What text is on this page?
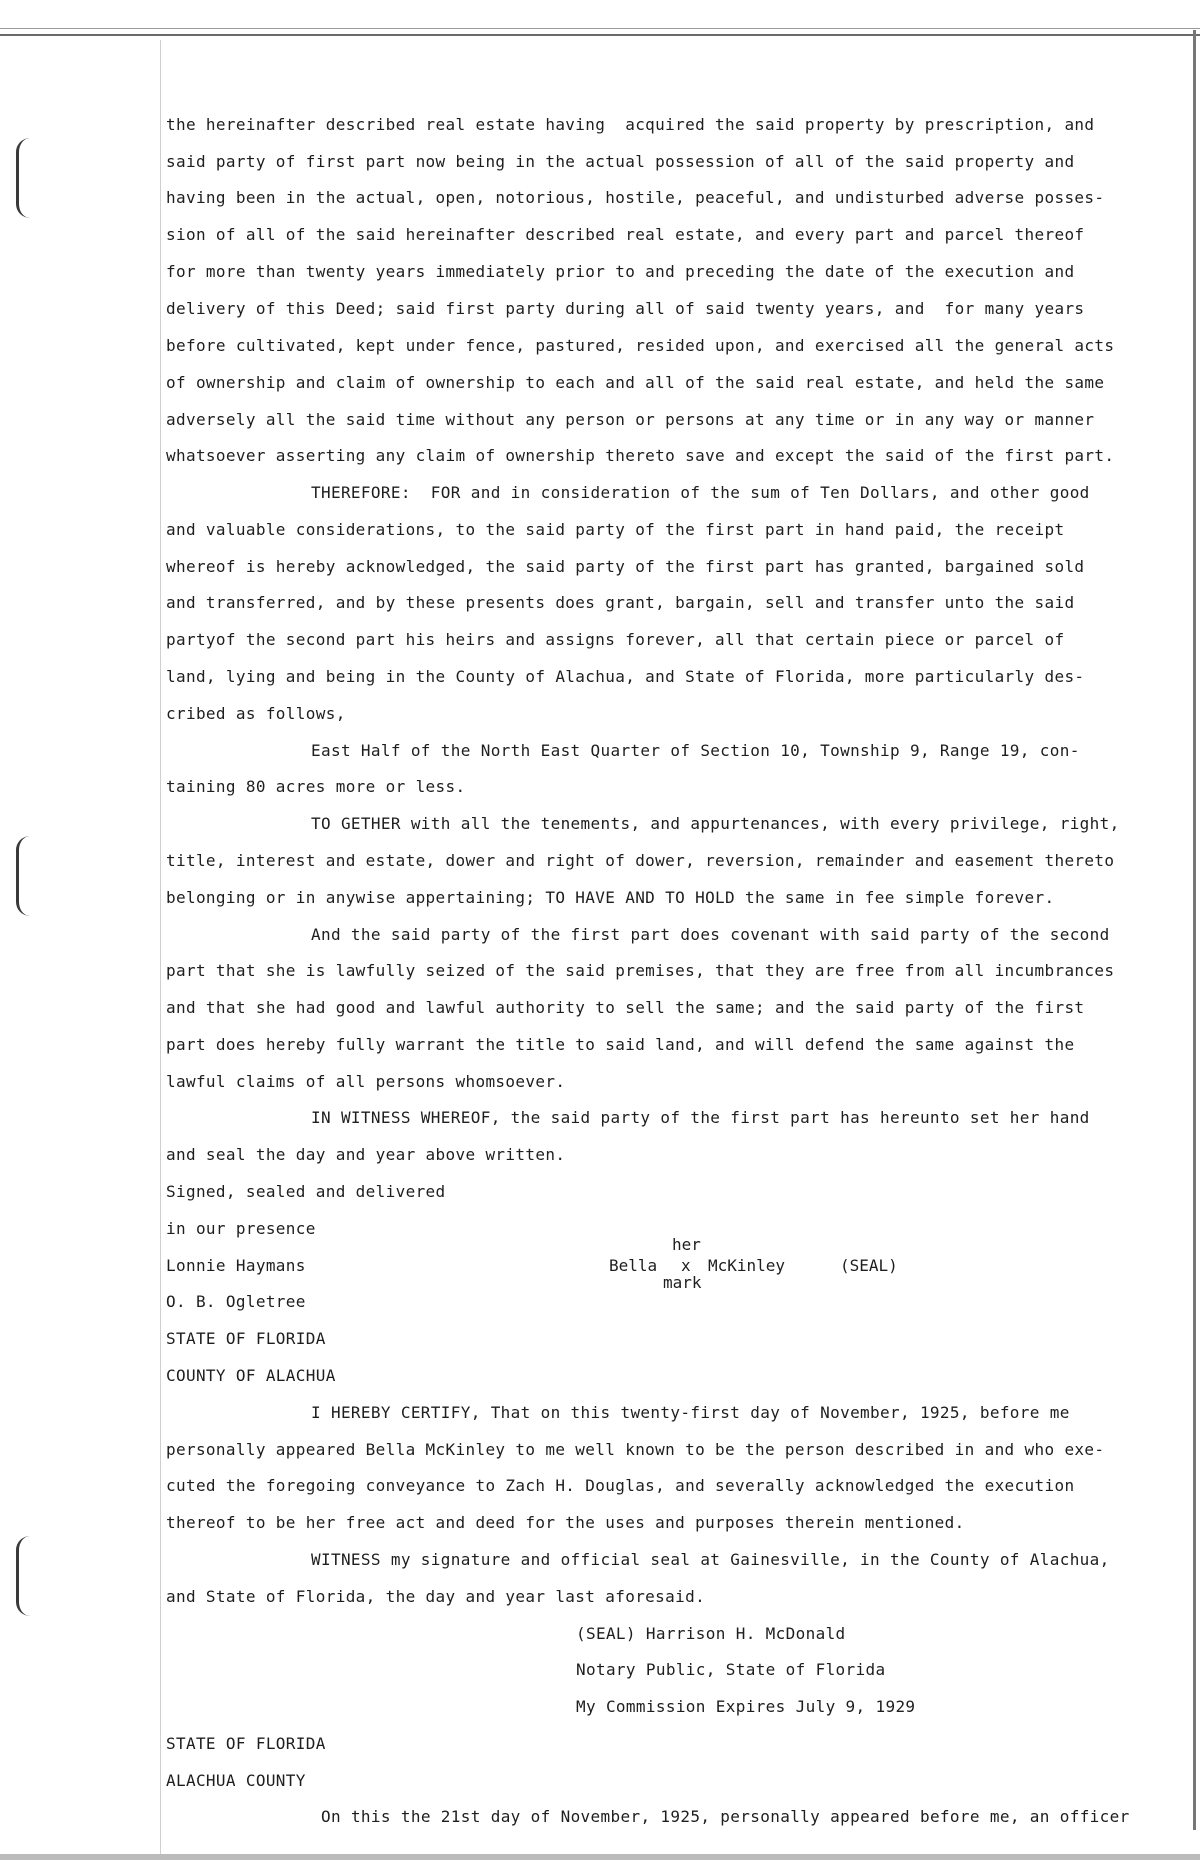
the hereinafter described real estate having  acquired the said property by prescription, and
said party of first part now being in the actual possession of all of the said property and
having been in the actual, open, notorious, hostile, peaceful, and undisturbed adverse posses-
sion of all of the said hereinafter described real estate, and every part and parcel thereof
for more than twenty years immediately prior to and preceding the date of the execution and
delivery of this Deed; said first party during all of said twenty years, and  for many years
before cultivated, kept under fence, pastured, resided upon, and exercised all the general acts
of ownership and claim of ownership to each and all of the said real estate, and held the same
adversely all the said time without any person or persons at any time or in any way or manner
whatsoever asserting any claim of ownership thereto save and except the said of the first part.
THEREFORE:  FOR and in consideration of the sum of Ten Dollars, and other good
and valuable considerations, to the said party of the first part in hand paid, the receipt
whereof is hereby acknowledged, the said party of the first part has granted, bargained sold
and transferred, and by these presents does grant, bargain, sell and transfer unto the said
partyof the second part his heirs and assigns forever, all that certain piece or parcel of
land, lying and being in the County of Alachua, and State of Florida, more particularly des-
cribed as follows,
East Half of the North East Quarter of Section 10, Township 9, Range 19, con-
taining 80 acres more or less.
TO GETHER with all the tenements, and appurtenances, with every privilege, right,
title, interest and estate, dower and right of dower, reversion, remainder and easement thereto
belonging or in anywise appertaining; TO HAVE AND TO HOLD the same in fee simple forever.
And the said party of the first part does covenant with said party of the second
part that she is lawfully seized of the said premises, that they are free from all incumbrances
and that she had good and lawful authority to sell the same; and the said party of the first
part does hereby fully warrant the title to said land, and will defend the same against the
lawful claims of all persons whomsoever.
IN WITNESS WHEREOF, the said party of the first part has hereunto set her hand
and seal the day and year above written.
Signed, sealed and delivered
in our presence
Lonnie Haymans
O. B. Ogletree
STATE OF FLORIDA
COUNTY OF ALACHUA
I HEREBY CERTIFY, That on this twenty-first day of November, 1925, before me
personally appeared Bella McKinley to me well known to be the person described in and who exe-
cuted the foregoing conveyance to Zach H. Douglas, and severally acknowledged the execution
thereof to be her free act and deed for the uses and purposes therein mentioned.
WITNESS my signature and official seal at Gainesville, in the County of Alachua,
and State of Florida, the day and year last aforesaid.
(SEAL) Harrison H. McDonald
Notary Public, State of Florida
My Commission Expires July 9, 1929
STATE OF FLORIDA
ALACHUA COUNTY
On this the 21st day of November, 1925, personally appeared before me, an officer
her
Bella x McKinley	(SEAL)
mark
